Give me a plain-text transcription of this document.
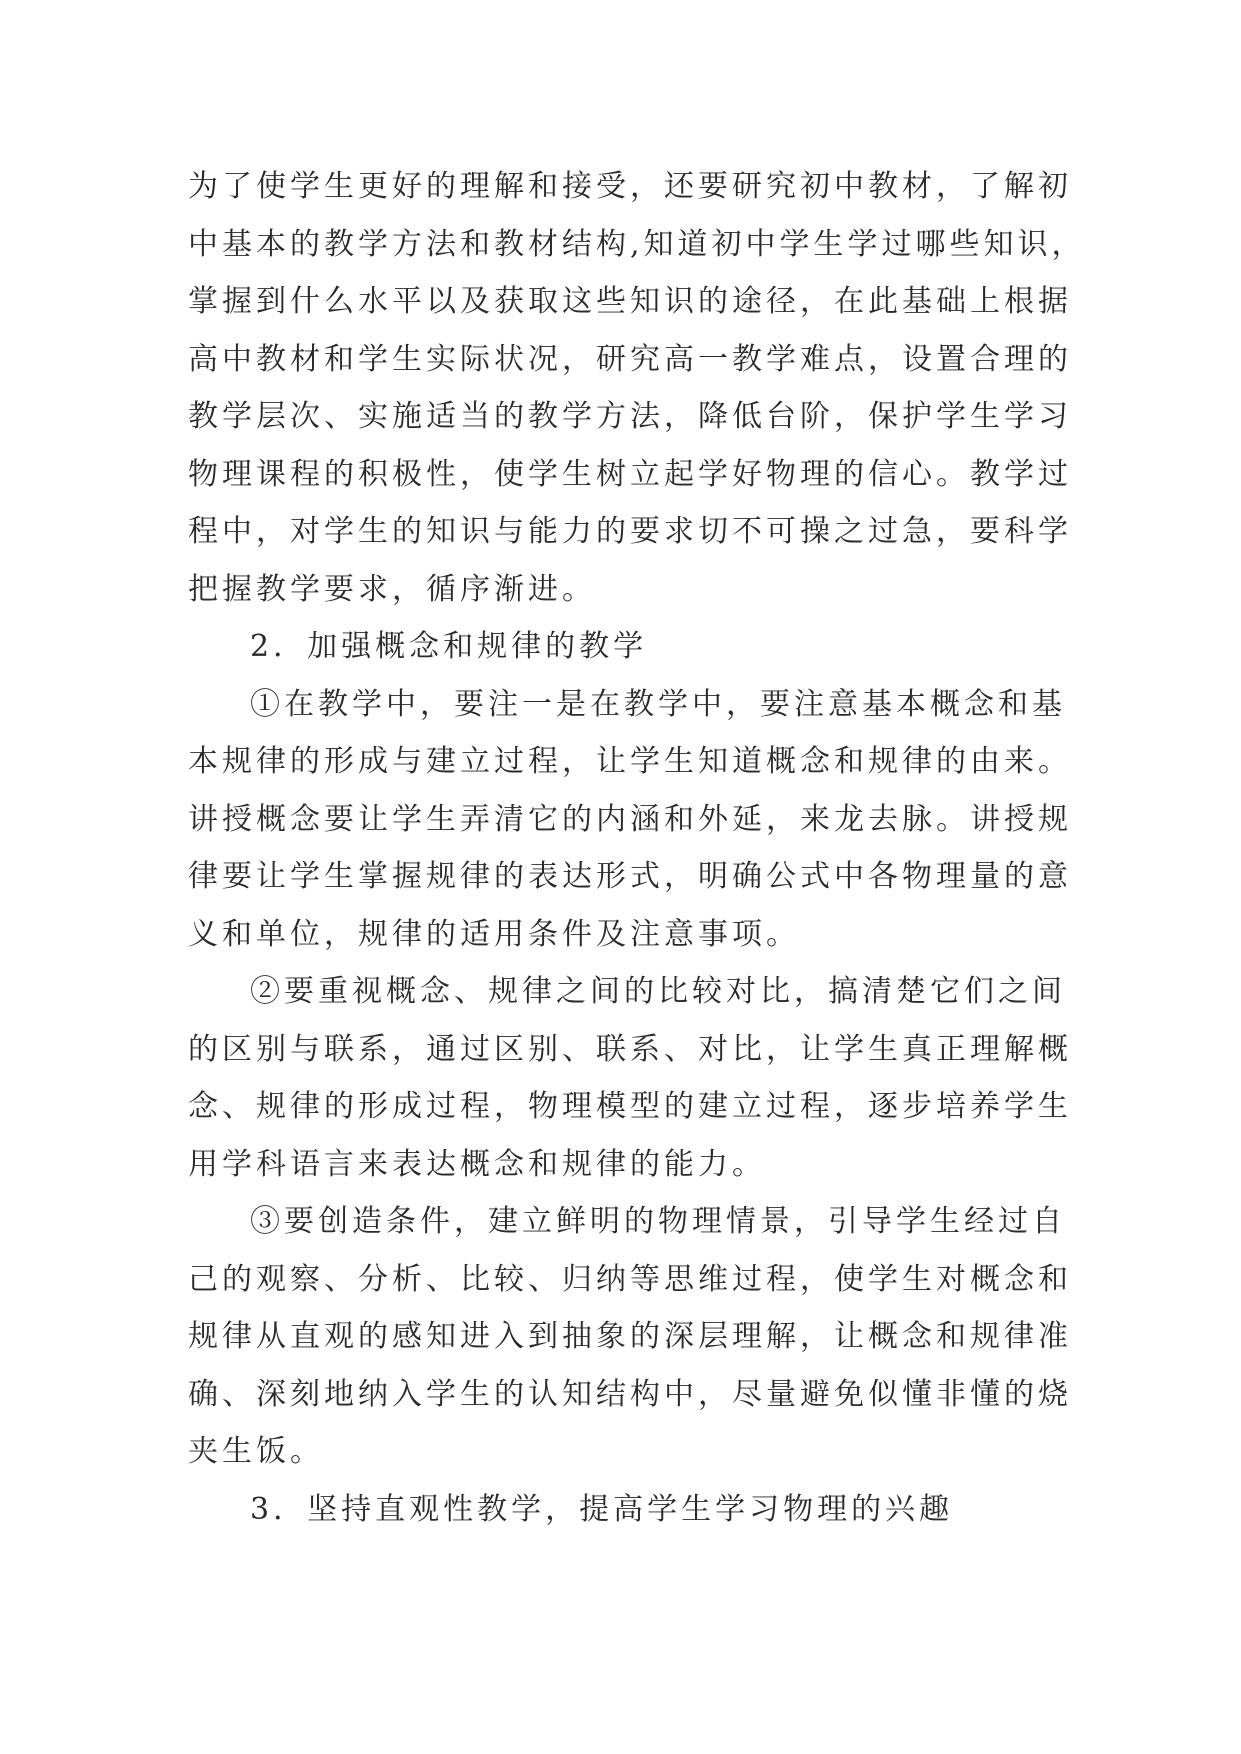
为了使学生更好的理解和接受，还要研究初中教材，了解初
中基本的教学方法和教材结构,知道初中学生学过哪些知识，
掌握到什么水平以及获取这些知识的途径，在此基础上根据
高中教材和学生实际状况，研究高一教学难点，设置合理的
教学层次、实施适当的教学方法，降低台阶，保护学生学习
物理课程的积极性，使学生树立起学好物理的信心。教学过
程中，对学生的知识与能力的要求切不可操之过急，要科学
把握教学要求，循序渐进。
2．加强概念和规律的教学
①在教学中，要注一是在教学中，要注意基本概念和基
本规律的形成与建立过程，让学生知道概念和规律的由来。
讲授概念要让学生弄清它的内涵和外延，来龙去脉。讲授规
律要让学生掌握规律的表达形式，明确公式中各物理量的意
义和单位，规律的适用条件及注意事项。
②要重视概念、规律之间的比较对比，搞清楚它们之间
的区别与联系，通过区别、联系、对比，让学生真正理解概
念、规律的形成过程，物理模型的建立过程，逐步培养学生
用学科语言来表达概念和规律的能力。
③要创造条件，建立鲜明的物理情景，引导学生经过自
己的观察、分析、比较、归纳等思维过程，使学生对概念和
规律从直观的感知进入到抽象的深层理解，让概念和规律准
确、深刻地纳入学生的认知结构中，尽量避免似懂非懂的烧
夹生饭。
3．坚持直观性教学，提高学生学习物理的兴趣
